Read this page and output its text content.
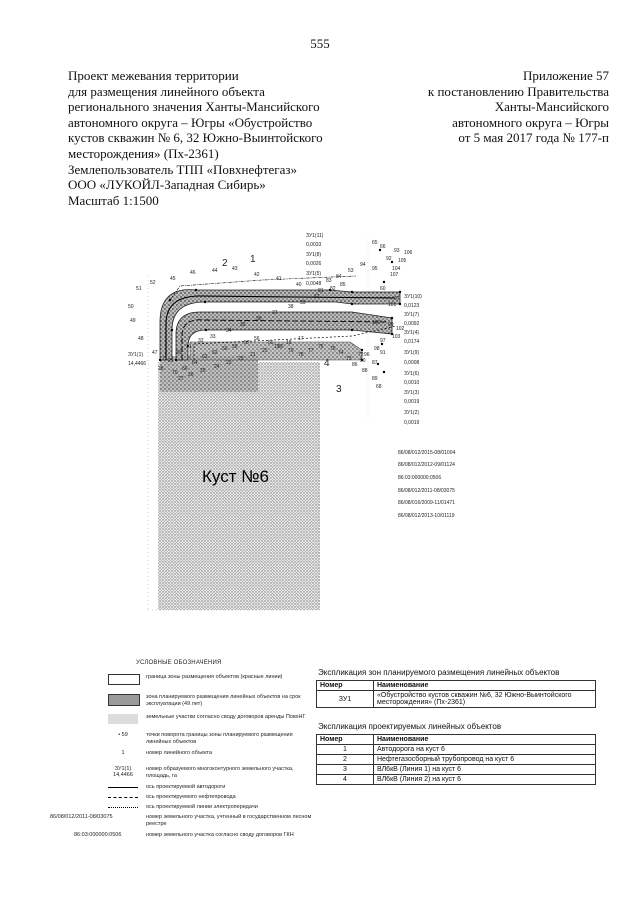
555
Проект межевания территории
для размещения линейного объекта
регионального значения Ханты-Мансийского
автономного округа – Югры «Обустройство
кустов скважин № 6, 32 Южно-Выинтойского
месторождения» (Пх-2361)
Землепользователь ТПП «Повхнефтегаз»
ООО «ЛУКОЙЛ-Западная Сибирь»
Масштаб 1:1500
Приложение 57
к постановлению Правительства
Ханты-Мансийского
автономного округа – Югры
от 5 мая 2017 года № 177-п
2 1
3
4
ЗУ1(11)
0,0033
ЗУ1(8)
0,0026
ЗУ1(5)
0,0048
ЗУ1(10)
0,0123
ЗУ1(7)
0,0092
ЗУ1(4)
0,0174
ЗУ1(9)
0,0008
ЗУ1(6)
0,0010
ЗУ1(3)
0,0019
ЗУ1(2)
0,0019
ЗУ1(1)
14,4466
86/08/012/2015-08/01004
86/08/012/2012-09/01124
86:03:000000:0506
86/08/012/2011-08/03075
86/08/016/2009-11/01471
86/08/012/2013-10/01119
Куст №6
УСЛОВНЫЕ ОБОЗНАЧЕНИЯ
граница зоны размещения объектов (красные линии)
зона планируемого размещения линейных объектов на срок эксплуатации (49 лет)
земельные участки согласно своду договоров аренды ПовхНГ
• 59	точки поворота границы зоны планируемого размещения линейных объектов
1	номер линейного объекта
ЗУ1(1) 14,4466
номер образуемого многоконтурного земельного участка, площадь, га
ось проектируемой автодороги
ось проектируемого нефтепровода
ось проектируемой линии электропередачи
86/08/012/2011-08/03075	номер земельного участка, учтенный в государственном лесном реестре
86:03:000000:0506	номер земельного участка согласно своду договоров ГКН
Экспликация зон планируемого размещения линейных объектов
Номер	Наименование
ЗУ1	«Обустройство кустов скважин №6, 32 Южно-Выинтойского месторождения» (Пх-2361)
Экспликация проектируемых линейных объектов
Номер	Наименование
1	Автодорога на куст 6
2	Нефтегазосборный трубопровод на куст 6
3	ВЛ6кВ (Линия 1) на куст 6
4	ВЛ6кВ (Линия 2) на куст 6
65
66
93 106
92 105
104
107
95
94
53
84
83
85
82
81
61
60
67
101
100 99
102
103
97
98
96 91
90
86	87
88
89
68
72
73
74
75
76
77
78
79
80
55
56
57
58
59
62
63
64
69
70
71
47
48
49
50
51
52
45
46	44	43
42
41
40
39
38
37
36
35
34
33
32
31
30
29
28
27
26
25
24
23
22
21
20
19
18
17
